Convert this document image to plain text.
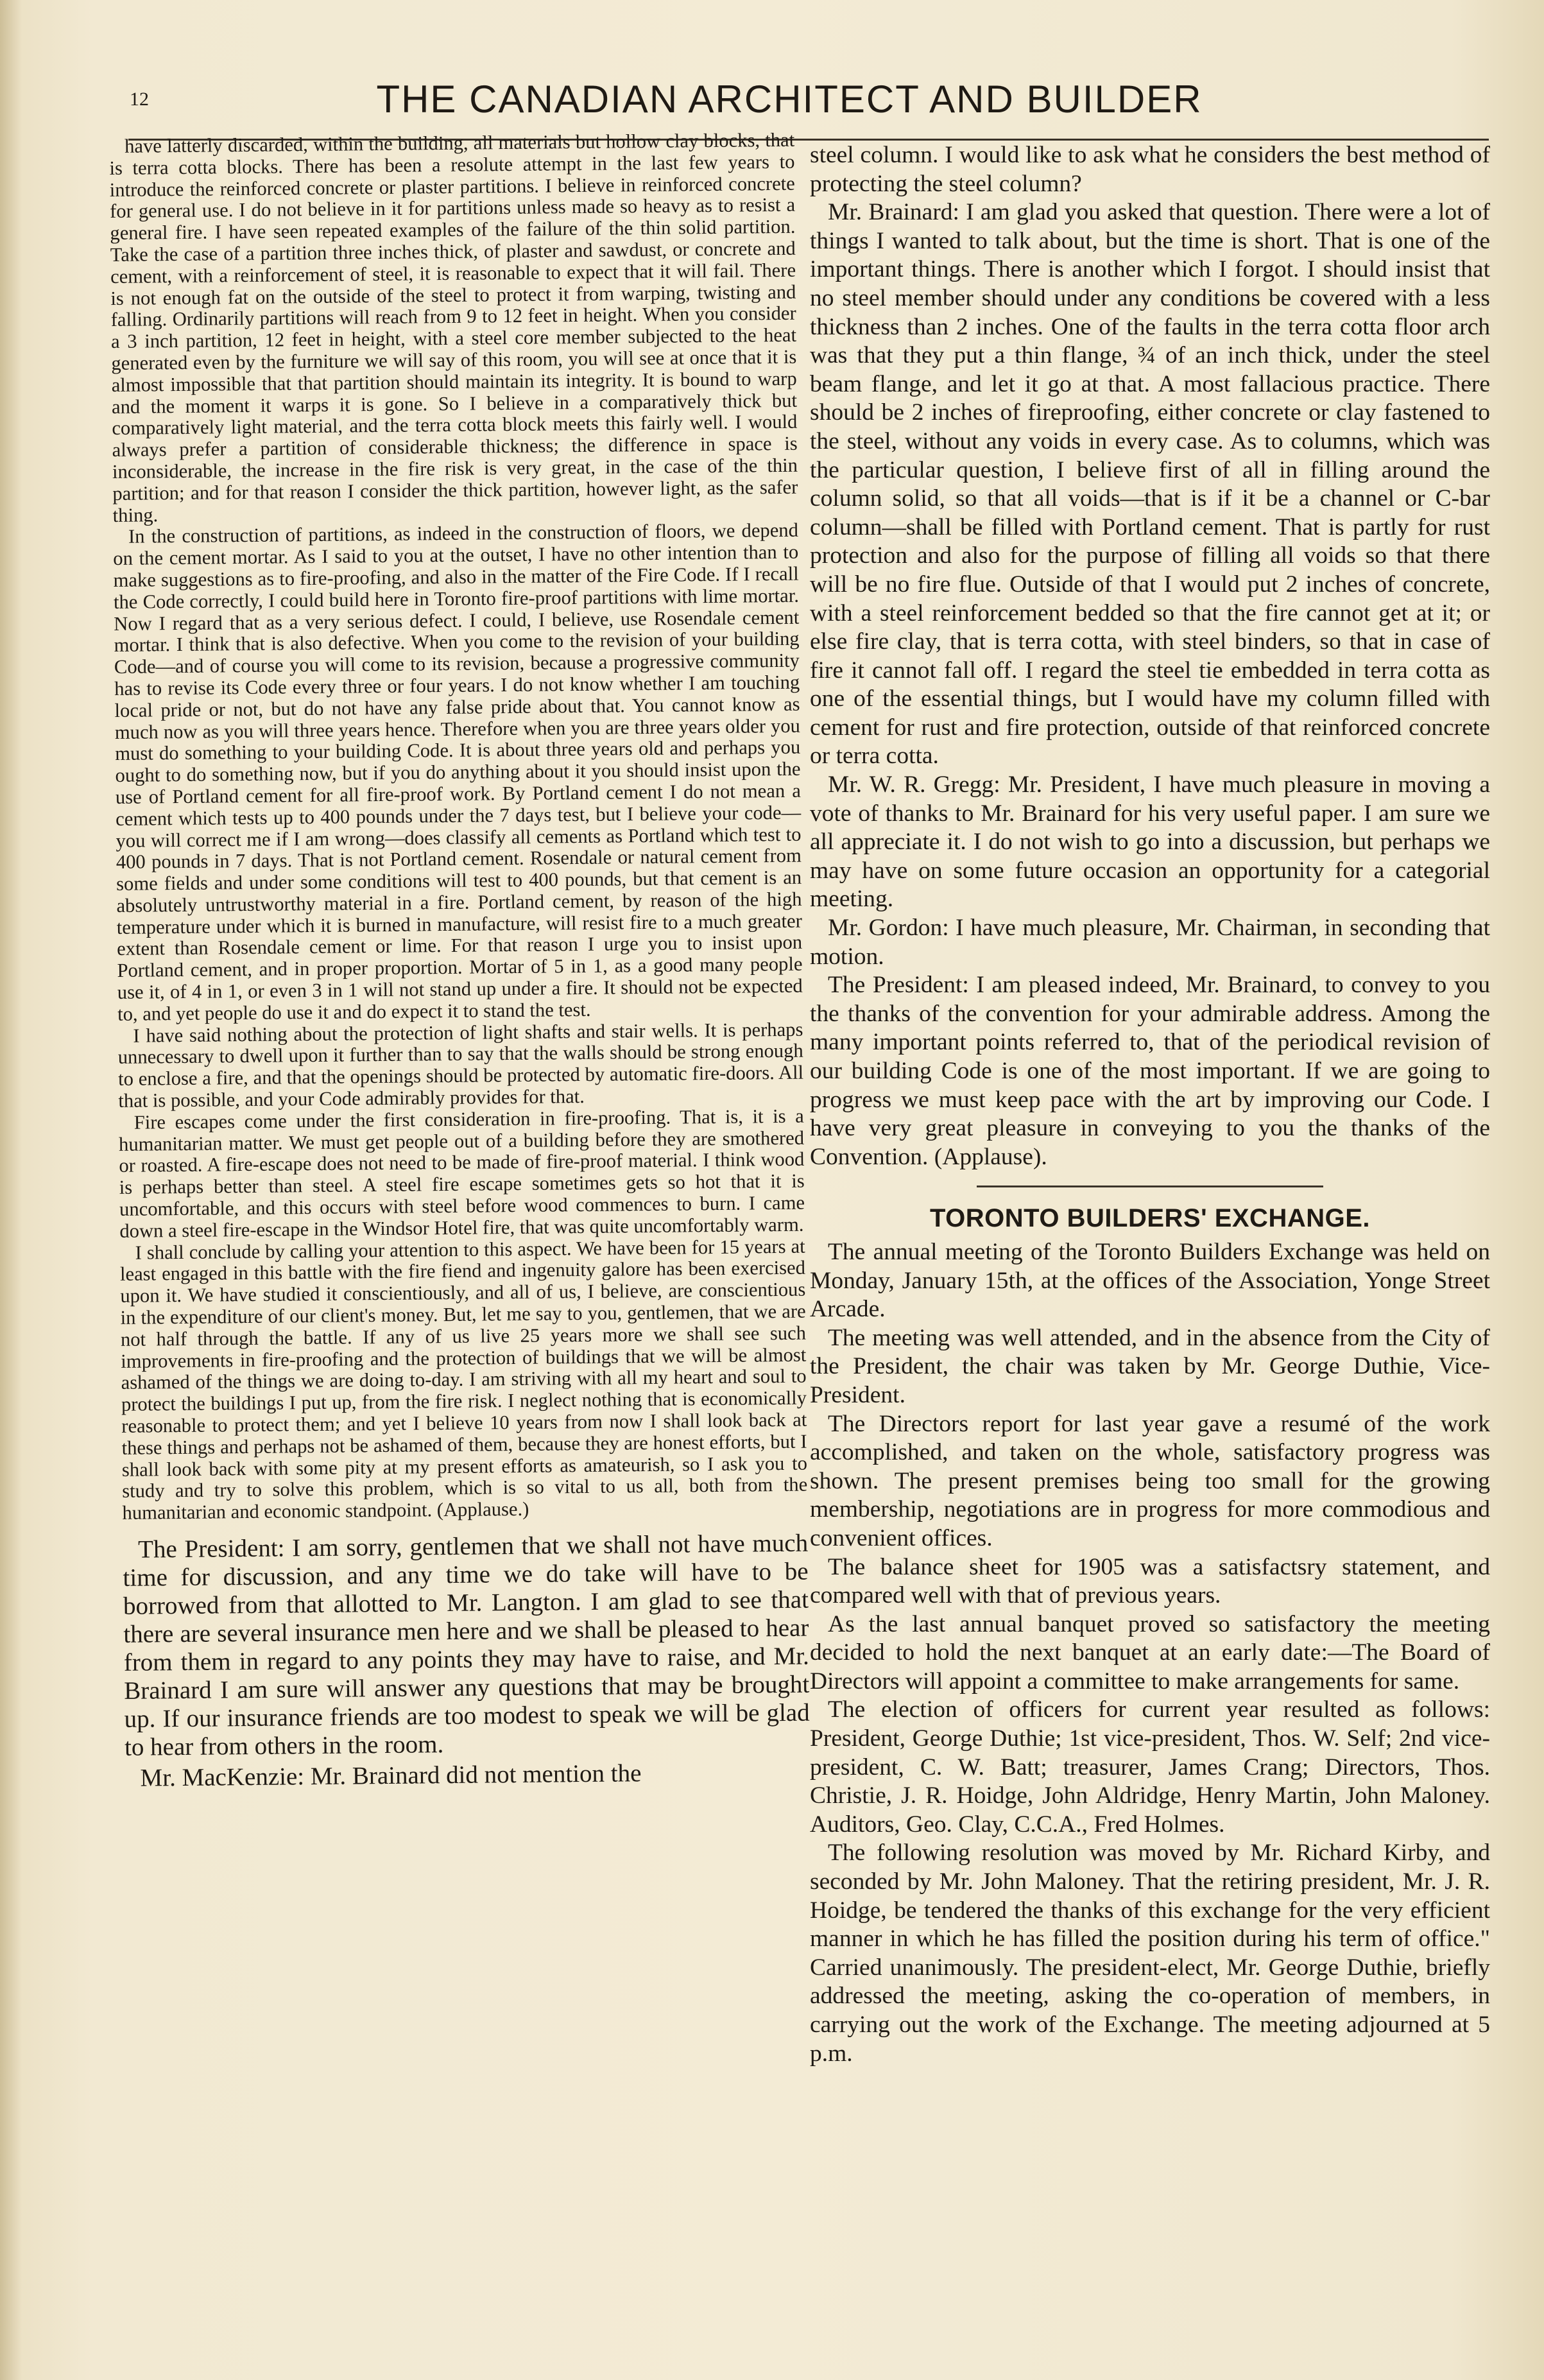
12	THE CANADIAN ARCHITECT AND BUILDER

have latterly discarded, within the building, all materials but hollow clay blocks, that is terra cotta blocks. There has been a resolute attempt in the last few years to introduce the reinforced concrete or plaster partitions. I believe in reinforced concrete for general use. I do not believe in it for partitions unless made so heavy as to resist a general fire. I have seen repeated examples of the failure of the thin solid partition. Take the case of a partition three inches thick, of plaster and sawdust, or concrete and cement, with a reinforcement of steel, it is reasonable to expect that it will fail. There is not enough fat on the outside of the steel to protect it from warping, twisting and falling. Ordinarily partitions will reach from 9 to 12 feet in height. When you consider a 3 inch partition, 12 feet in height, with a steel core member subjected to the heat generated even by the furniture we will say of this room, you will see at once that it is almost impossible that that partition should maintain its integrity. It is bound to warp and the moment it warps it is gone. So I believe in a comparatively thick but comparatively light material, and the terra cotta block meets this fairly well. I would always prefer a partition of considerable thickness; the difference in space is inconsiderable, the increase in the fire risk is very great, in the case of the thin partition; and for that reason I consider the thick partition, however light, as the safer thing.

In the construction of partitions, as indeed in the construction of floors, we depend on the cement mortar. As I said to you at the outset, I have no other intention than to make suggestions as to fire-proofing, and also in the matter of the Fire Code. If I recall the Code correctly, I could build here in Toronto fire-proof partitions with lime mortar. Now I regard that as a very serious defect. I could, I believe, use Rosendale cement mortar. I think that is also defective. When you come to the revision of your building Code—and of course you will come to its revision, because a progressive community has to revise its Code every three or four years. I do not know whether I am touching local pride or not, but do not have any false pride about that. You cannot know as much now as you will three years hence. Therefore when you are three years older you must do something to your building Code. It is about three years old and perhaps you ought to do something now, but if you do anything about it you should insist upon the use of Portland cement for all fire-proof work. By Portland cement I do not mean a cement which tests up to 400 pounds under the 7 days test, but I believe your code—you will correct me if I am wrong—does classify all cements as Portland which test to 400 pounds in 7 days. That is not Portland cement. Rosendale or natural cement from some fields and under some conditions will test to 400 pounds, but that cement is an absolutely untrustworthy material in a fire. Portland cement, by reason of the high temperature under which it is burned in manufacture, will resist fire to a much greater extent than Rosendale cement or lime. For that reason I urge you to insist upon Portland cement, and in proper proportion. Mortar of 5 in 1, as a good many people use it, of 4 in 1, or even 3 in 1 will not stand up under a fire. It should not be expected to, and yet people do use it and do expect it to stand the test.

I have said nothing about the protection of light shafts and stair wells. It is perhaps unnecessary to dwell upon it further than to say that the walls should be strong enough to enclose a fire, and that the openings should be protected by automatic fire-doors. All that is possible, and your Code admirably provides for that.

Fire escapes come under the first consideration in fire-proofing. That is, it is a humanitarian matter. We must get people out of a building before they are smothered or roasted. A fire-escape does not need to be made of fire-proof material. I think wood is perhaps better than steel. A steel fire escape sometimes gets so hot that it is uncomfortable, and this occurs with steel before wood commences to burn. I came down a steel fire-escape in the Windsor Hotel fire, that was quite uncomfortably warm.

I shall conclude by calling your attention to this aspect. We have been for 15 years at least engaged in this battle with the fire fiend and ingenuity galore has been exercised upon it. We have studied it conscientiously, and all of us, I believe, are conscientious in the expenditure of our client's money. But, let me say to you, gentlemen, that we are not half through the battle. If any of us live 25 years more we shall see such improvements in fire-proofing and the protection of buildings that we will be almost ashamed of the things we are doing to-day. I am striving with all my heart and soul to protect the buildings I put up, from the fire risk. I neglect nothing that is economically reasonable to protect them; and yet I believe 10 years from now I shall look back at these things and perhaps not be ashamed of them, because they are honest efforts, but I shall look back with some pity at my present efforts as amateurish, so I ask you to study and try to solve this problem, which is so vital to us all, both from the humanitarian and economic standpoint. (Applause.)

The President: I am sorry, gentlemen that we shall not have much time for discussion, and any time we do take will have to be borrowed from that allotted to Mr. Langton. I am glad to see that there are several insurance men here and we shall be pleased to hear from them in regard to any points they may have to raise, and Mr. Brainard I am sure will answer any questions that may be brought up. If our insurance friends are too modest to speak we will be glad to hear from others in the room.

Mr. MacKenzie: Mr. Brainard did not mention the

steel column. I would like to ask what he considers the best method of protecting the steel column?

Mr. Brainard: I am glad you asked that question. There were a lot of things I wanted to talk about, but the time is short. That is one of the important things. There is another which I forgot. I should insist that no steel member should under any conditions be covered with a less thickness than 2 inches. One of the faults in the terra cotta floor arch was that they put a thin flange, ¾ of an inch thick, under the steel beam flange, and let it go at that. A most fallacious practice. There should be 2 inches of fireproofing, either concrete or clay fastened to the steel, without any voids in every case. As to columns, which was the particular question, I believe first of all in filling around the column solid, so that all voids—that is if it be a channel or C-bar column—shall be filled with Portland cement. That is partly for rust protection and also for the purpose of filling all voids so that there will be no fire flue. Outside of that I would put 2 inches of concrete, with a steel reinforcement bedded so that the fire cannot get at it; or else fire clay, that is terra cotta, with steel binders, so that in case of fire it cannot fall off. I regard the steel tie embedded in terra cotta as one of the essential things, but I would have my column filled with cement for rust and fire protection, outside of that reinforced concrete or terra cotta.

Mr. W. R. Gregg: Mr. President, I have much pleasure in moving a vote of thanks to Mr. Brainard for his very useful paper. I am sure we all appreciate it. I do not wish to go into a discussion, but perhaps we may have on some future occasion an opportunity for a categorial meeting.

Mr. Gordon: I have much pleasure, Mr. Chairman, in seconding that motion.

The President: I am pleased indeed, Mr. Brainard, to convey to you the thanks of the convention for your admirable address. Among the many important points referred to, that of the periodical revision of our building Code is one of the most important. If we are going to progress we must keep pace with the art by improving our Code. I have very great pleasure in conveying to you the thanks of the Convention. (Applause).

TORONTO BUILDERS' EXCHANGE.

The annual meeting of the Toronto Builders Exchange was held on Monday, January 15th, at the offices of the Association, Yonge Street Arcade.

The meeting was well attended, and in the absence from the City of the President, the chair was taken by Mr. George Duthie, Vice-President.

The Directors report for last year gave a resumé of the work accomplished, and taken on the whole, satisfactory progress was shown. The present premises being too small for the growing membership, negotiations are in progress for more commodious and convenient offices.

The balance sheet for 1905 was a satisfactsry statement, and compared well with that of previous years.

As the last annual banquet proved so satisfactory the meeting decided to hold the next banquet at an early date:—The Board of Directors will appoint a committee to make arrangements for same.

The election of officers for current year resulted as follows: President, George Duthie; 1st vice-president, Thos. W. Self; 2nd vice-president, C. W. Batt; treasurer, James Crang; Directors, Thos. Christie, J. R. Hoidge, John Aldridge, Henry Martin, John Maloney. Auditors, Geo. Clay, C.C.A., Fred Holmes.

The following resolution was moved by Mr. Richard Kirby, and seconded by Mr. John Maloney. That the retiring president, Mr. J. R. Hoidge, be tendered the thanks of this exchange for the very efficient manner in which he has filled the position during his term of office." Carried unanimously. The president-elect, Mr. George Duthie, briefly addressed the meeting, asking the co-operation of members, in carrying out the work of the Exchange. The meeting adjourned at 5 p.m.
